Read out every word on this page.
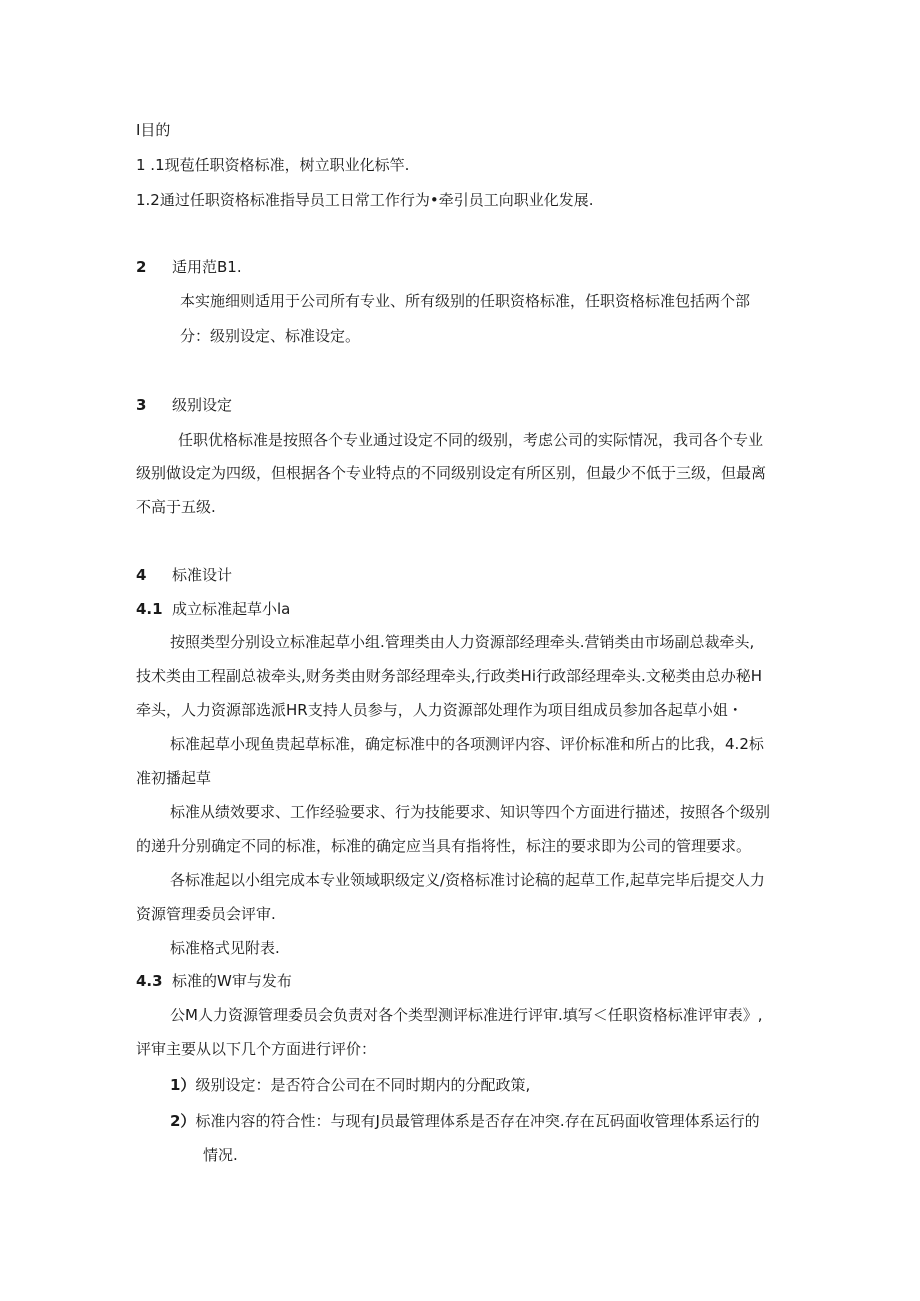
I目的
1 .1现苞任职资格标准，树立职业化标竿.
1.2通过任职资格标准指导员工日常工作行为•牵引员工向职业化发展.
2 适用范B1.
本实施细则适用于公司所有专业、所有级别的任职资格标准，任职资格标准包括两个部
分：级别设定、标准设定。
3 级别设定
任职优格标准是按照各个专业通过设定不同的级别，考虑公司的实际情况，我司各个专业
级别做设定为四级，但根据各个专业特点的不同级别设定有所区别，但最少不低于三级，但最离
不高于五级.
4 标准设计
4.1 成立标准起草小la
按照类型分别设立标准起草小组.管理类由人力资源部经理牵头.营销类由市场副总裁牵头,
技术类由工程副总祓牵头,财务类由财务部经理牵头,行政类Hi行政部经理牵头.文秘类由总办秘H
牵头，人力资源部选派HR支持人员参与，人力资源部处理作为项目组成员参加各起草小姐・
标准起草小现鱼贵起草标准，确定标准中的各项测评内容、评价标准和所占的比我，4.2标
准初播起草
标准从绩效要求、工作经验要求、行为技能要求、知识等四个方面进行描述，按照各个级别
的递升分别确定不同的标准，标准的确定应当具有指将性，标注的要求即为公司的管理要求。
各标准起以小组完成本专业领域职级定义/资格标准讨论稿的起草工作,起草完毕后提交人力
资源管理委员会评审.
标准格式见附表.
4.3 标准的W审与发布
公M人力资源管理委员会负责对各个类型测评标准进行评审.填写＜任职资格标准评审表》,
评审主要从以下几个方面进行评价：
1）级别设定：是否符合公司在不同时期内的分配政策,
2）标准内容的符合性：与现有J员最管理体系是否存在冲突.存在瓦码面收管理体系运行的
情况.
